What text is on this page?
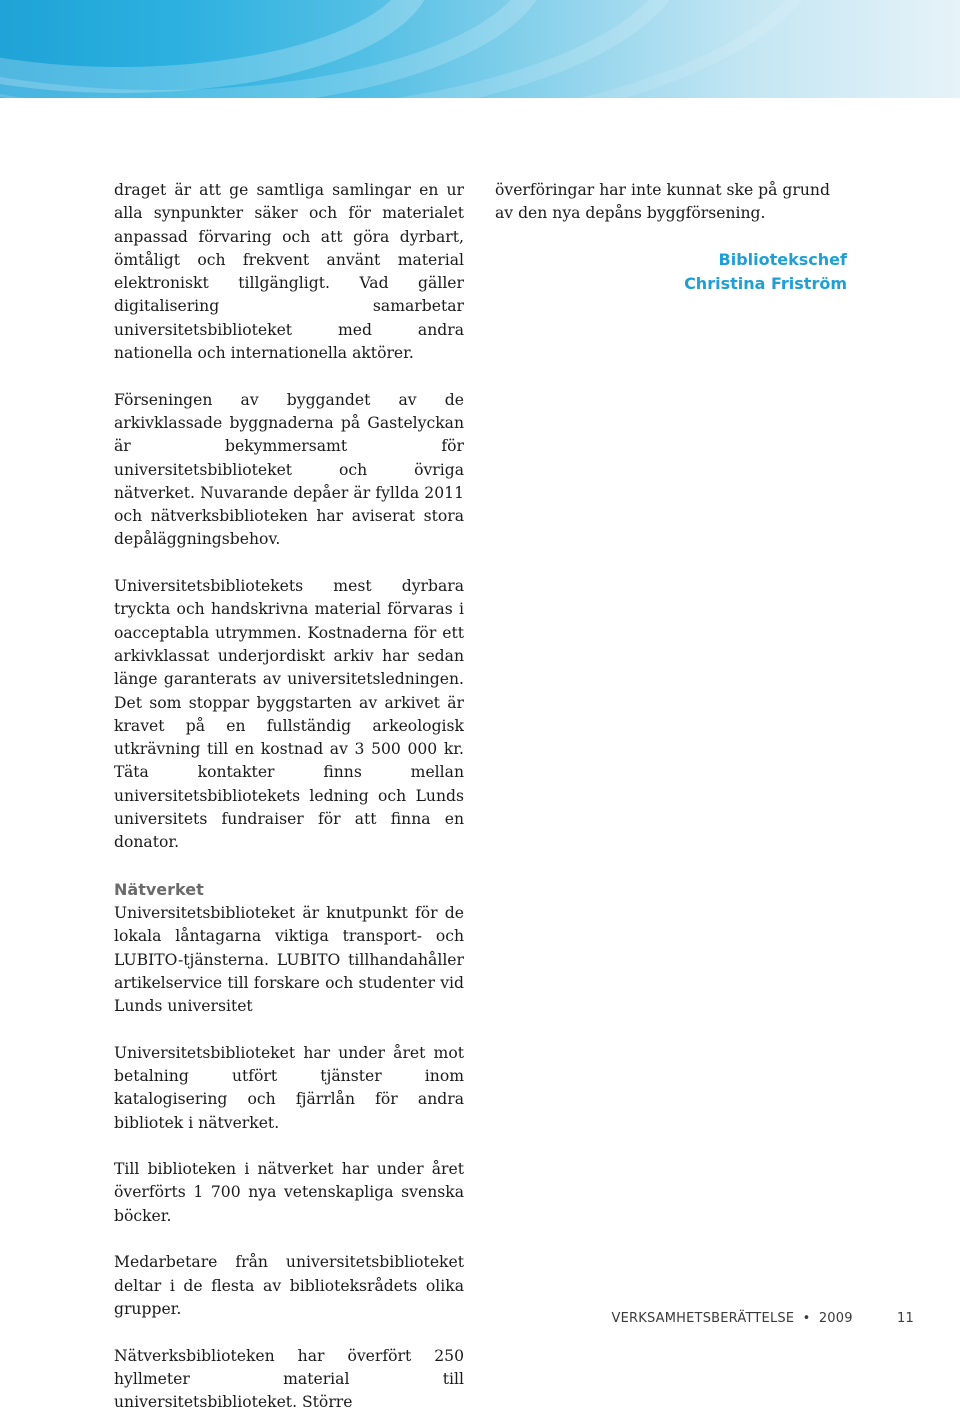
draget är att ge samtliga samlingar en ur alla synpunkter säker och för materialet anpassad förvaring och att göra dyrbart, ömtåligt och frekvent använt material elektroniskt tillgängligt. Vad gäller digitalisering samarbetar universitetsbiblioteket med andra nationella och internationella aktörer.

Förseningen av byggandet av de arkivklassade byggnaderna på Gastelyckan är bekymmersamt för universitetsbiblioteket och övriga nätverket. Nuvarande depåer är fyllda 2011 och nätverksbiblioteken har aviserat stora depåläggningsbehov.

Universitetsbibliotekets mest dyrbara tryckta och handskrivna material förvaras i oacceptabla utrymmen. Kostnaderna för ett arkivklassat underjordiskt arkiv har sedan länge garanterats av universitetsledningen. Det som stoppar byggstarten av arkivet är kravet på en fullständig arkeologisk utkrävning till en kostnad av 3 500 000 kr. Täta kontakter finns mellan universitetsbibliotekets ledning och Lunds universitets fundraiser för att finna en donator.

Nätverket

Universitetsbiblioteket är knutpunkt för de lokala låntagarna viktiga transport- och LUBITO-tjänsterna. LUBITO tillhandahåller artikelservice till forskare och studenter vid Lunds universitet

Universitetsbiblioteket har under året mot betalning utfört tjänster inom katalogisering och fjärrlån för andra bibliotek i nätverket.

Till biblioteken i nätverket har under året överförts 1 700 nya vetenskapliga svenska böcker.

Medarbetare från universitetsbiblioteket deltar i de flesta av biblioteksrådets olika grupper.

Nätverksbiblioteken har överfört 250 hyllmeter material till universitetsbiblioteket. Större

överföringar har inte kunnat ske på grund av den nya depåns byggförsening.

Bibliotekschef
Christina Friström
VERKSAMHETSBERÄTTELSE • 2009	11
